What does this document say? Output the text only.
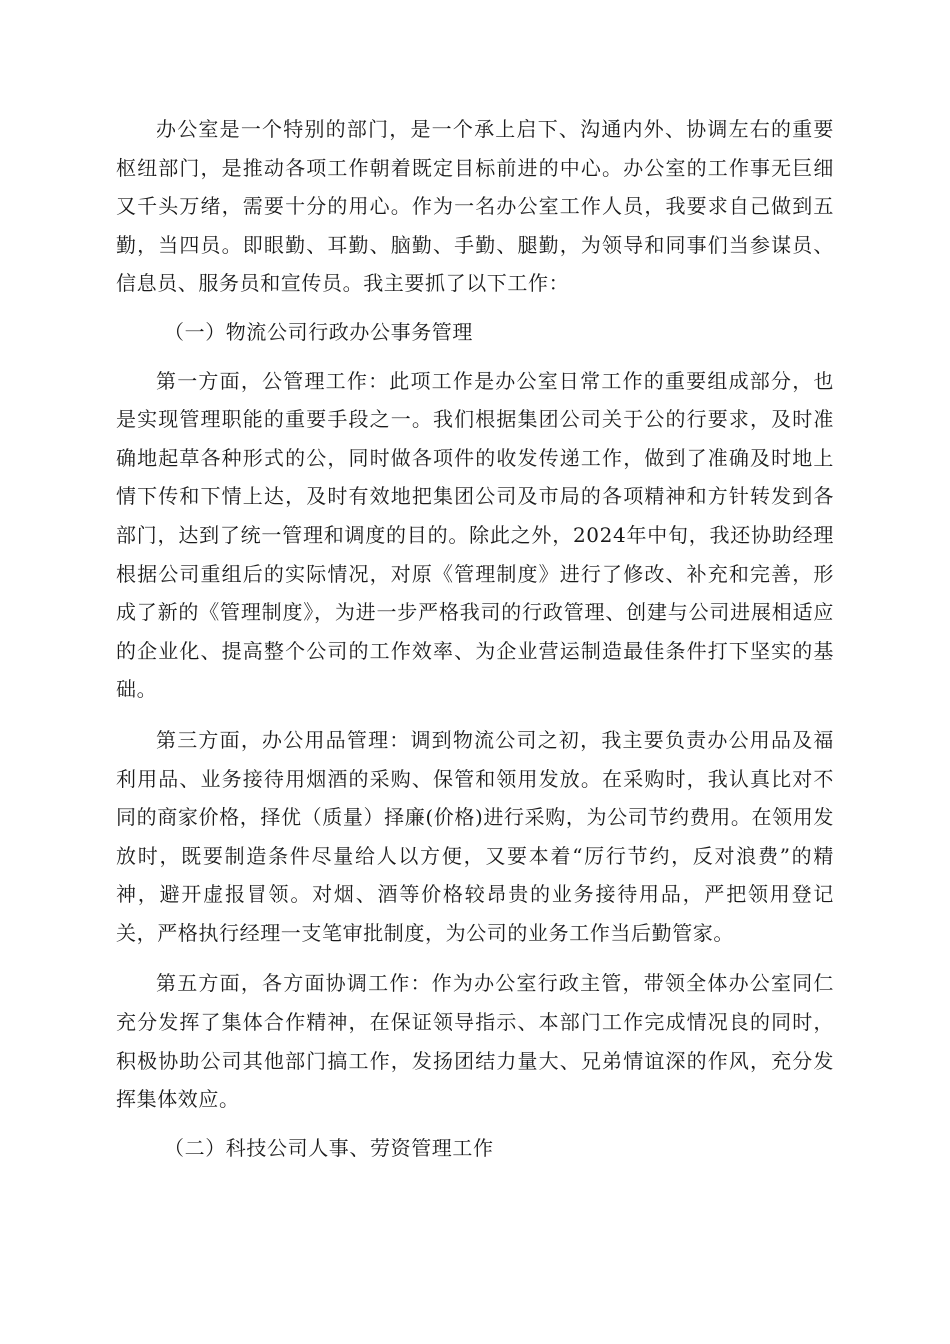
办公室是一个特别的部门，是一个承上启下、沟通内外、协调左右的重要枢纽部门，是推动各项工作朝着既定目标前进的中心。办公室的工作事无巨细又千头万绪，需要十分的用心。作为一名办公室工作人员，我要求自己做到五勤，当四员。即眼勤、耳勤、脑勤、手勤、腿勤，为领导和同事们当参谋员、信息员、服务员和宣传员。我主要抓了以下工作：

（一）物流公司行政办公事务管理

第一方面，公管理工作：此项工作是办公室日常工作的重要组成部分，也是实现管理职能的重要手段之一。我们根据集团公司关于公的行要求，及时准确地起草各种形式的公，同时做各项件的收发传递工作，做到了准确及时地上情下传和下情上达，及时有效地把集团公司及市局的各项精神和方针转发到各部门，达到了统一管理和调度的目的。除此之外，2024年中旬，我还协助经理根据公司重组后的实际情况，对原《管理制度》进行了修改、补充和完善，形成了新的《管理制度》，为进一步严格我司的行政管理、创建与公司进展相适应的企业化、提高整个公司的工作效率、为企业营运制造最佳条件打下坚实的基础。

第三方面，办公用品管理：调到物流公司之初，我主要负责办公用品及福利用品、业务接待用烟酒的采购、保管和领用发放。在采购时，我认真比对不同的商家价格，择优（质量）择廉(价格)进行采购，为公司节约费用。在领用发放时，既要制造条件尽量给人以方便，又要本着“厉行节约，反对浪费”的精神，避开虚报冒领。对烟、酒等价格较昂贵的业务接待用品，严把领用登记关，严格执行经理一支笔审批制度，为公司的业务工作当后勤管家。

第五方面，各方面协调工作：作为办公室行政主管，带领全体办公室同仁充分发挥了集体合作精神，在保证领导指示、本部门工作完成情况良的同时，积极协助公司其他部门搞工作，发扬团结力量大、兄弟情谊深的作风，充分发挥集体效应。

（二）科技公司人事、劳资管理工作
